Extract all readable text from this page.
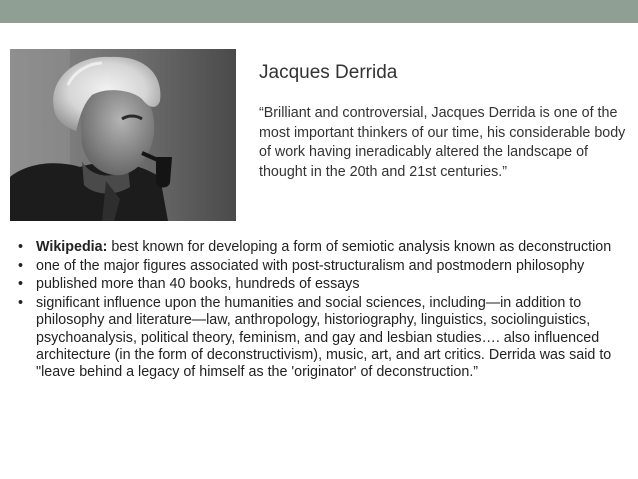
Jacques Derrida
“Brilliant and controversial, Jacques Derrida is one of the most important thinkers of our time, his considerable body of work having ineradicably altered the landscape of thought in the 20th and 21st centuries.”
• Wikipedia: best known for developing a form of semiotic analysis known as deconstruction
• one of the major figures associated with post-structuralism and postmodern philosophy
• published more than 40 books, hundreds of essays
• significant influence upon the humanities and social sciences, including—in addition to philosophy and literature—law, anthropology, historiography, linguistics, sociolinguistics, psychoanalysis, political theory, feminism, and gay and lesbian studies…. also influenced architecture (in the form of deconstructivism), music, art, and art critics. Derrida was said to "leave behind a legacy of himself as the 'originator' of deconstruction.”
